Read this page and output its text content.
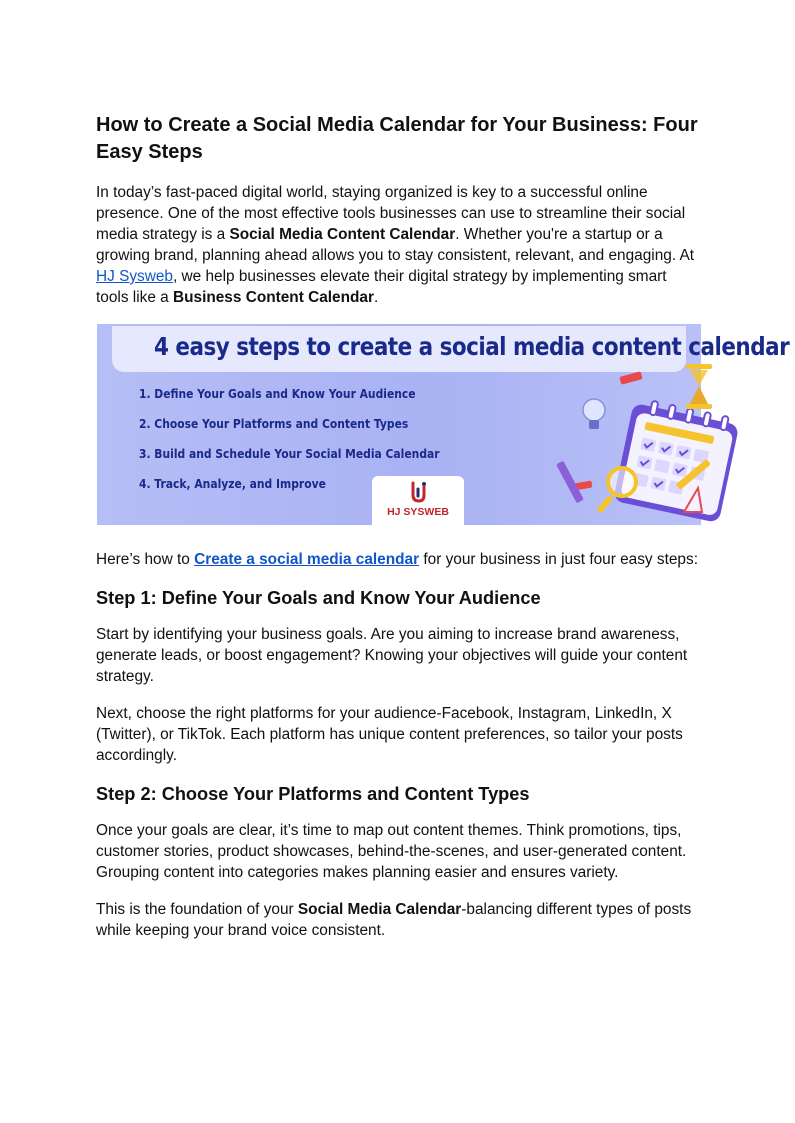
How to Create a Social Media Calendar for Your Business: Four Easy Steps

In today’s fast-paced digital world, staying organized is key to a successful online presence. One of the most effective tools businesses can use to streamline their social media strategy is a Social Media Content Calendar. Whether you're a startup or a growing brand, planning ahead allows you to stay consistent, relevant, and engaging. At HJ Sysweb, we help businesses elevate their digital strategy by implementing smart tools like a Business Content Calendar.

4 easy steps to create a social media content calendar
1. Define Your Goals and Know Your Audience
2. Choose Your Platforms and Content Types
3. Build and Schedule Your Social Media Calendar
4. Track, Analyze, and Improve
HJ SYSWEB

Here’s how to Create a social media calendar for your business in just four easy steps:

Step 1: Define Your Goals and Know Your Audience

Start by identifying your business goals. Are you aiming to increase brand awareness, generate leads, or boost engagement? Knowing your objectives will guide your content strategy.

Next, choose the right platforms for your audience-Facebook, Instagram, LinkedIn, X (Twitter), or TikTok. Each platform has unique content preferences, so tailor your posts accordingly.

Step 2: Choose Your Platforms and Content Types

Once your goals are clear, it’s time to map out content themes. Think promotions, tips, customer stories, product showcases, behind-the-scenes, and user-generated content. Grouping content into categories makes planning easier and ensures variety.

This is the foundation of your Social Media Calendar-balancing different types of posts while keeping your brand voice consistent.
